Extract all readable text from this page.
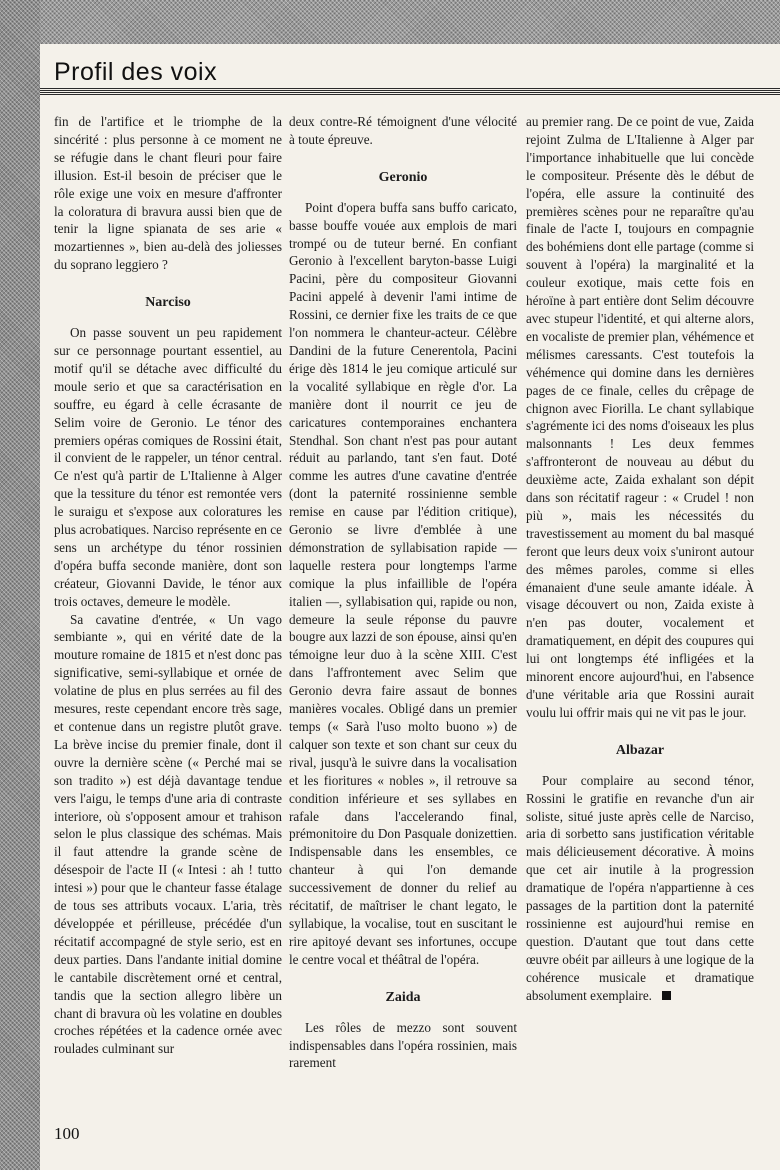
Profil des voix

fin de l'artifice et le triomphe de la sincérité : plus personne à ce moment ne se réfugie dans le chant fleuri pour faire illusion. Est-il besoin de préciser que le rôle exige une voix en mesure d'affronter la coloratura di bravura aussi bien que de tenir la ligne spianata de ses arie « mozartiennes », bien au-delà des joliesses du soprano leggiero ?

Narciso

On passe souvent un peu rapidement sur ce personnage pourtant essentiel, au motif qu'il se détache avec difficulté du moule serio et que sa caractérisation en souffre, eu égard à celle écrasante de Selim voire de Geronio. Le ténor des premiers opéras comiques de Rossini était, il convient de le rappeler, un ténor central. Ce n'est qu'à partir de L'Italienne à Alger que la tessiture du ténor est remontée vers le suraigu et s'expose aux coloratures les plus acrobatiques. Narciso représente en ce sens un archétype du ténor rossinien d'opéra buffa seconde manière, dont son créateur, Giovanni Davide, le ténor aux trois octaves, demeure le modèle.

Sa cavatine d'entrée, « Un vago sembiante », qui en vérité date de la mouture romaine de 1815 et n'est donc pas significative, semi-syllabique et ornée de volatine de plus en plus serrées au fil des mesures, reste cependant encore très sage, et contenue dans un registre plutôt grave. La brève incise du premier finale, dont il ouvre la dernière scène (« Perché mai se son tradito ») est déjà davantage tendue vers l'aigu, le temps d'une aria di contraste interiore, où s'opposent amour et trahison selon le plus classique des schémas. Mais il faut attendre la grande scène de désespoir de l'acte II (« Intesi : ah ! tutto intesi ») pour que le chanteur fasse étalage de tous ses attributs vocaux. L'aria, très développée et périlleuse, précédée d'un récitatif accompagné de style serio, est en deux parties. Dans l'andante initial domine le cantabile discrètement orné et central, tandis que la section allegro libère un chant di bravura où les volatine en doubles croches répétées et la cadence ornée avec roulades culminant sur

deux contre-Ré témoignent d'une vélocité à toute épreuve.

Geronio

Point d'opera buffa sans buffo caricato, basse bouffe vouée aux emplois de mari trompé ou de tuteur berné. En confiant Geronio à l'excellent baryton-basse Luigi Pacini, père du compositeur Giovanni Pacini appelé à devenir l'ami intime de Rossini, ce dernier fixe les traits de ce que l'on nommera le chanteur-acteur. Célèbre Dandini de la future Cenerentola, Pacini érige dès 1814 le jeu comique articulé sur la vocalité syllabique en règle d'or. La manière dont il nourrit ce jeu de caricatures contemporaines enchantera Stendhal. Son chant n'est pas pour autant réduit au parlando, tant s'en faut. Doté comme les autres d'une cavatine d'entrée (dont la paternité rossinienne semble remise en cause par l'édition critique), Geronio se livre d'emblée à une démonstration de syllabisation rapide — laquelle restera pour longtemps l'arme comique la plus infaillible de l'opéra italien —, syllabisation qui, rapide ou non, demeure la seule réponse du pauvre bougre aux lazzi de son épouse, ainsi qu'en témoigne leur duo à la scène XIII. C'est dans l'affrontement avec Selim que Geronio devra faire assaut de bonnes manières vocales. Obligé dans un premier temps (« Sarà l'uso molto buono ») de calquer son texte et son chant sur ceux du rival, jusqu'à le suivre dans la vocalisation et les fioritures « nobles », il retrouve sa condition inférieure et ses syllabes en rafale dans l'accelerando final, prémonitoire du Don Pasquale donizettien. Indispensable dans les ensembles, ce chanteur à qui l'on demande successivement de donner du relief au récitatif, de maîtriser le chant legato, le syllabique, la vocalise, tout en suscitant le rire apitoyé devant ses infortunes, occupe le centre vocal et théâtral de l'opéra.

Zaida

Les rôles de mezzo sont souvent indispensables dans l'opéra rossinien, mais rarement

au premier rang. De ce point de vue, Zaida rejoint Zulma de L'Italienne à Alger par l'importance inhabituelle que lui concède le compositeur. Présente dès le début de l'opéra, elle assure la continuité des premières scènes pour ne reparaître qu'au finale de l'acte I, toujours en compagnie des bohémiens dont elle partage (comme si souvent à l'opéra) la marginalité et la couleur exotique, mais cette fois en héroïne à part entière dont Selim découvre avec stupeur l'identité, et qui alterne alors, en vocaliste de premier plan, véhémence et mélismes caressants. C'est toutefois la véhémence qui domine dans les dernières pages de ce finale, celles du crêpage de chignon avec Fiorilla. Le chant syllabique s'agrémente ici des noms d'oiseaux les plus malsonnants ! Les deux femmes s'affronteront de nouveau au début du deuxième acte, Zaida exhalant son dépit dans son récitatif rageur : « Crudel ! non più », mais les nécessités du travestissement au moment du bal masqué feront que leurs deux voix s'uniront autour des mêmes paroles, comme si elles émanaient d'une seule amante idéale. À visage découvert ou non, Zaida existe à n'en pas douter, vocalement et dramatiquement, en dépit des coupures qui lui ont longtemps été infligées et la minorent encore aujourd'hui, en l'absence d'une véritable aria que Rossini aurait voulu lui offrir mais qui ne vit pas le jour.

Albazar

Pour complaire au second ténor, Rossini le gratifie en revanche d'un air soliste, situé juste après celle de Narciso, aria di sorbetto sans justification véritable mais délicieusement décorative. À moins que cet air inutile à la progression dramatique de l'opéra n'appartienne à ces passages de la partition dont la paternité rossinienne est aujourd'hui remise en question. D'autant que tout dans cette œuvre obéit par ailleurs à une logique de la cohérence musicale et dramatique absolument exemplaire.

100
